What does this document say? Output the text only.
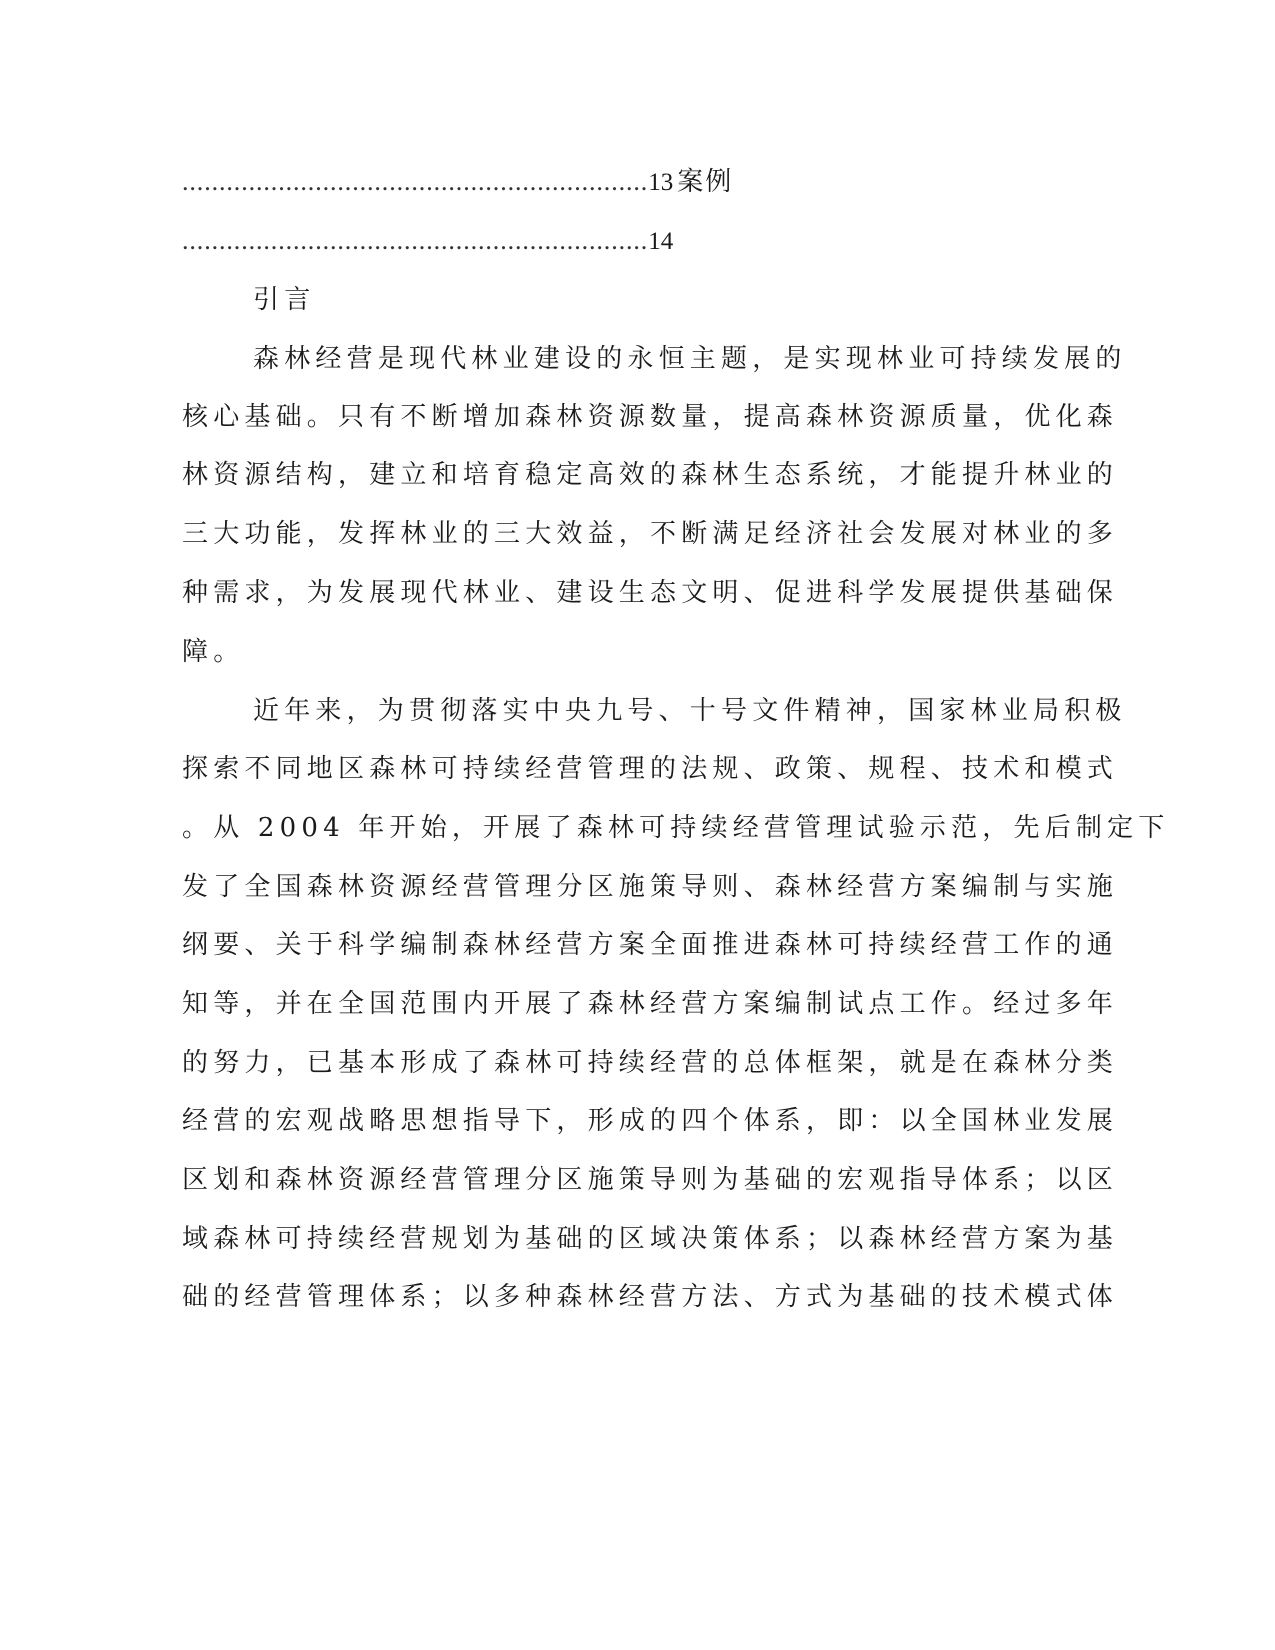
...............................................................13 案例
...............................................................14
引言
森林经营是现代林业建设的永恒主题，是实现林业可持续发展的
核心基础。只有不断增加森林资源数量，提高森林资源质量，优化森
林资源结构，建立和培育稳定高效的森林生态系统，才能提升林业的
三大功能，发挥林业的三大效益，不断满足经济社会发展对林业的多
种需求，为发展现代林业、建设生态文明、促进科学发展提供基础保
障。
近年来，为贯彻落实中央九号、十号文件精神，国家林业局积极
探索不同地区森林可持续经营管理的法规、政策、规程、技术和模式
。从 2004 年开始，开展了森林可持续经营管理试验示范，先后制定下
发了全国森林资源经营管理分区施策导则、森林经营方案编制与实施
纲要、关于科学编制森林经营方案全面推进森林可持续经营工作的通
知等，并在全国范围内开展了森林经营方案编制试点工作。经过多年
的努力，已基本形成了森林可持续经营的总体框架，就是在森林分类
经营的宏观战略思想指导下，形成的四个体系，即：以全国林业发展
区划和森林资源经营管理分区施策导则为基础的宏观指导体系；以区
域森林可持续经营规划为基础的区域决策体系；以森林经营方案为基
础的经营管理体系；以多种森林经营方法、方式为基础的技术模式体
